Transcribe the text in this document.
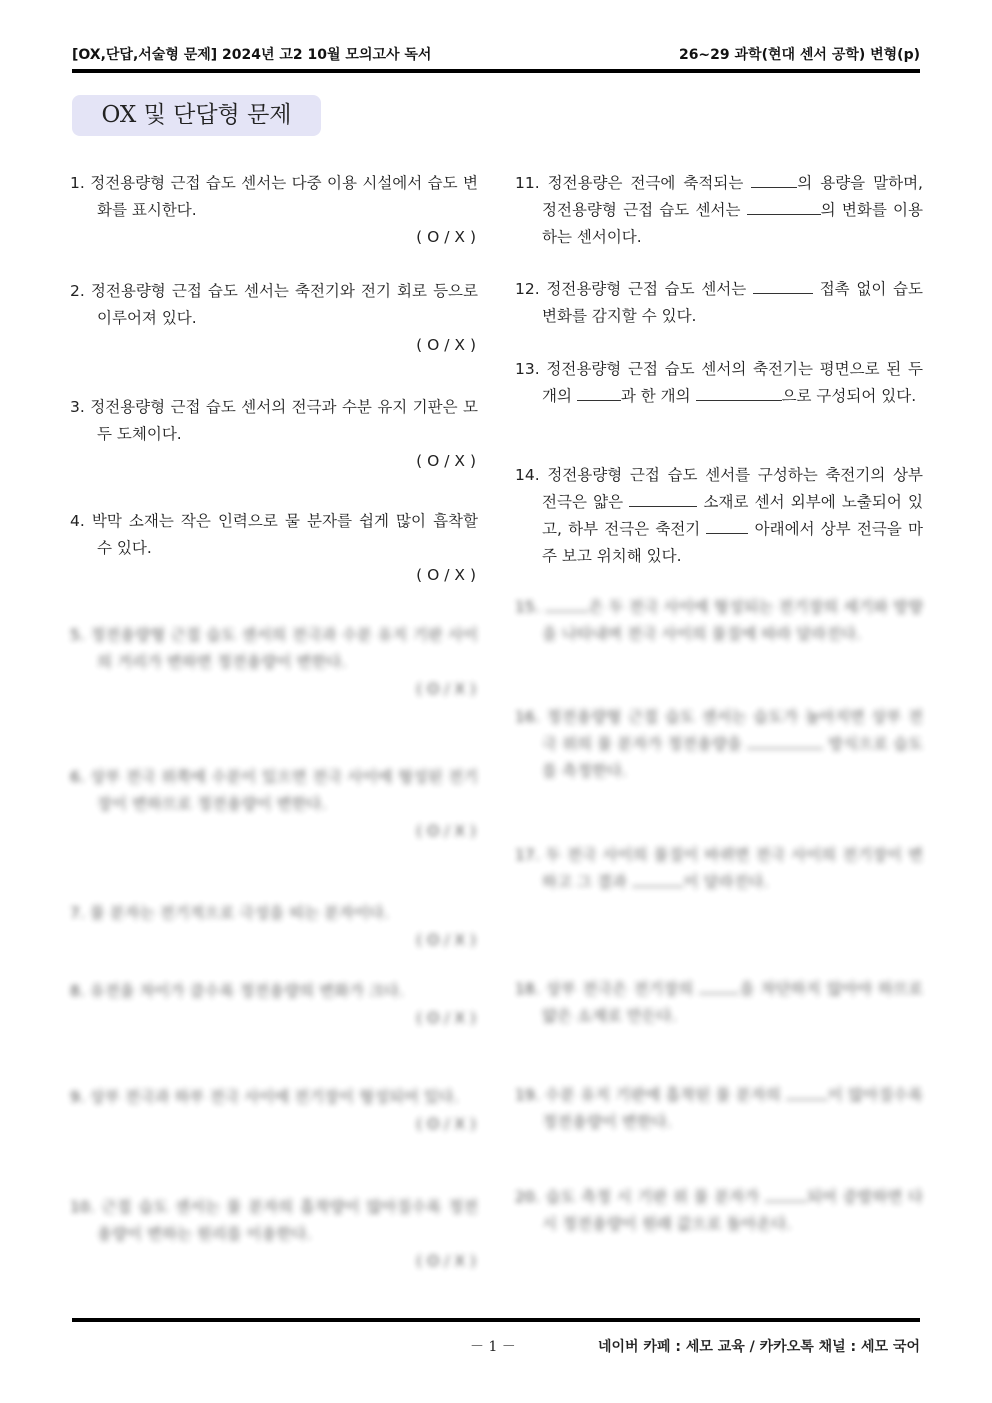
[OX,단답,서술형 문제] 2024년 고2 10월 모의고사 독서	26~29 과학(현대 센서 공학) 변형(p)
OX 및 단답형 문제
1. 정전용량형 근접 습도 센서는 다중 이용 시설에서 습도 변화를 표시한다.
( O / X )
2. 정전용량형 근접 습도 센서는 축전기와 전기 회로 등으로 이루어져 있다.
( O / X )
3. 정전용량형 근접 습도 센서의 전극과 수분 유지 기판은 모두 도체이다.
( O / X )
4. 박막 소재는 작은 인력으로 물 분자를 쉽게 많이 흡착할 수 있다.
( O / X )
5. 정전용량형 근접 습도 센서의 전극과 수분 유지 기판 사이의 거리가 변하면 정전용량이 변한다.
( O / X )
6. 상부 전극 위쪽에 수분이 있으면 전극 사이에 형성된 전기장이 변하므로 정전용량이 변한다.
( O / X )
7. 물 분자는 전기적으로 극성을 띠는 분자이다.
( O / X )
8. 유전율 차이가 클수록 정전용량의 변화가 크다.
( O / X )
9. 상부 전극과 하부 전극 사이에 전기장이 형성되어 있다.
( O / X )
10. 근접 습도 센서는 물 분자의 흡착량이 많아질수록 정전용량이 변하는 원리를 이용한다.
( O / X )
11. 정전용량은 전극에 축적되는	의 용량을 말하며, 정전용량형 근접 습도 센서는	의 변화를 이용하는 센서이다.
12. 정전용량형 근접 습도 센서는	접촉 없이 습도 변화를 감지할 수 있다.
13. 정전용량형 근접 습도 센서의 축전기는 평면으로 된 두 개의	과 한 개의	으로 구성되어 있다.
14. 정전용량형 근접 습도 센서를 구성하는 축전기의 상부 전극은 얇은	소재로 센서 외부에 노출되어 있고, 하부 전극은 축전기	아래에서 상부 전극을 마주 보고 위치해 있다.
15.	은 두 전극 사이에 형성되는 전기장의 세기와 방향을 나타내며 전극 사이의 물질에 따라 달라진다.
16. 정전용량형 근접 습도 센서는 습도가 높아지면 상부 전극 위의 물 분자가 정전용량을	방식으로 습도를 측정한다.
17. 두 전극 사이의 물질이 바뀌면 전극 사이의 전기장이 변하고 그 결과	이 달라진다.
18. 상부 전극은 전기장의	을 차단하지 않아야 하므로 얇은 소재로 만든다.
19. 수분 유지 기판에 흡착된 물 분자의	이 많아질수록 정전용량이 변한다.
20. 습도 측정 시 기판 위 물 분자가	되어 증발하면 다시 정전용량이 원래 값으로 돌아온다.
－ 1 －	네이버 카페 : 세모 교육 / 카카오톡 채널 : 세모 국어
